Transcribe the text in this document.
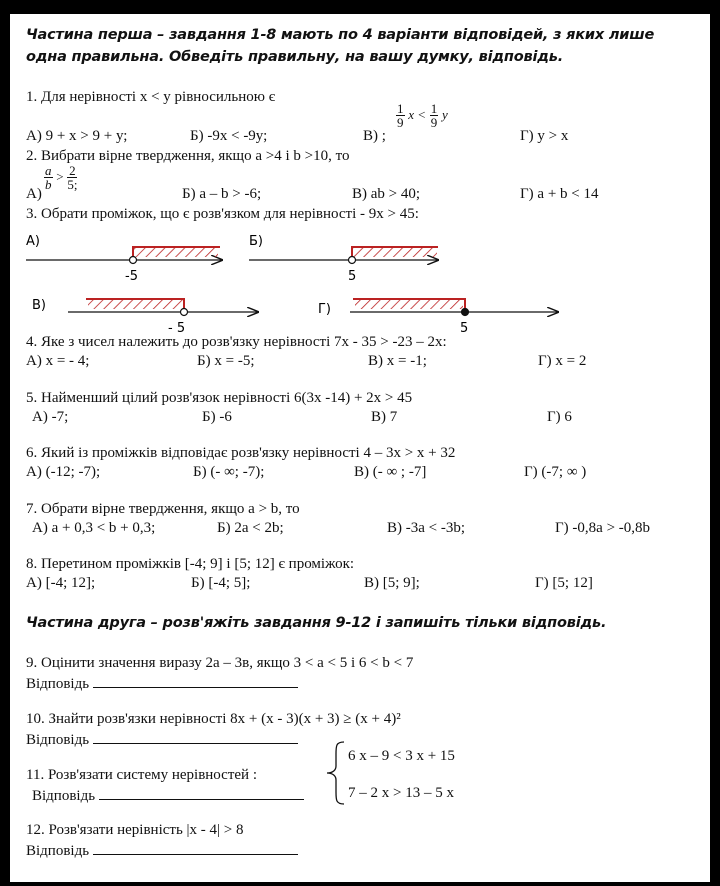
Частина перша – завдання 1-8 мають по 4 варіанти відповідей, з яких лише
одна правильна. Обведіть правильну, на вашу думку, відповідь.
1. Для нерівності х < у рівносильною є
А) 9 + х > 9 + у;	Б) -9х < -9у;	В) ;
$\frac{1}{9}$ $x < \frac{1}{9}$ y
Г) у > х
2. Вибрати вірне твердження, якщо а >4 і b >10, то
А)
$\frac{a}{b} > \frac{2}{5;}$
Б) а – b > -6;	В) ab > 40;	Г) а + b < 14
3. Обрати проміжок, що є розв'язком для нерівності - 9х > 45:
А)
-5
Б)
5
В)
- 5
Г)
5
4. Яке з чисел належить до розв'язку нерівності 7х - 35 > -23 – 2х:
А) х = - 4;	Б) х = -5;	В) х = -1;	Г) х = 2
5. Найменший цілий розв'язок нерівності 6(3х -14) + 2х > 45
А) -7;	Б) -6	В) 7	Г) 6
6. Який із проміжків відповідає розв'язку нерівності 4 – 3х > х + 32
А) (-12; -7);	Б) (- ∞; -7);	В) (- ∞ ; -7]	Г) (-7; ∞ )
7. Обрати вірне твердження, якщо a > b, то
А) a + 0,3 < b + 0,3;	Б) 2a < 2b;	В) -3a < -3b;	Г) -0,8a > -0,8b
8. Перетином проміжків [-4; 9] і [5; 12] є проміжок:
А) [-4; 12];	Б) [-4; 5];	В) [5; 9];	Г) [5; 12]
Частина друга – розв'яжіть завдання 9-12 і запишіть тільки відповідь.
9. Оцінити значення виразу 2а – 3в, якщо 3 < a < 5 і 6 < b < 7
Відповідь
10. Знайти розв'язки нерівності 8х + (х - 3)(х + 3) ≥ (х + 4)²
Відповідь
11. Розв'язати систему нерівностей :
Відповідь
6 х – 9 < 3 х + 15
7 – 2 х > 13 – 5 х
12. Розв'язати нерівність |х - 4| > 8
Відповідь
